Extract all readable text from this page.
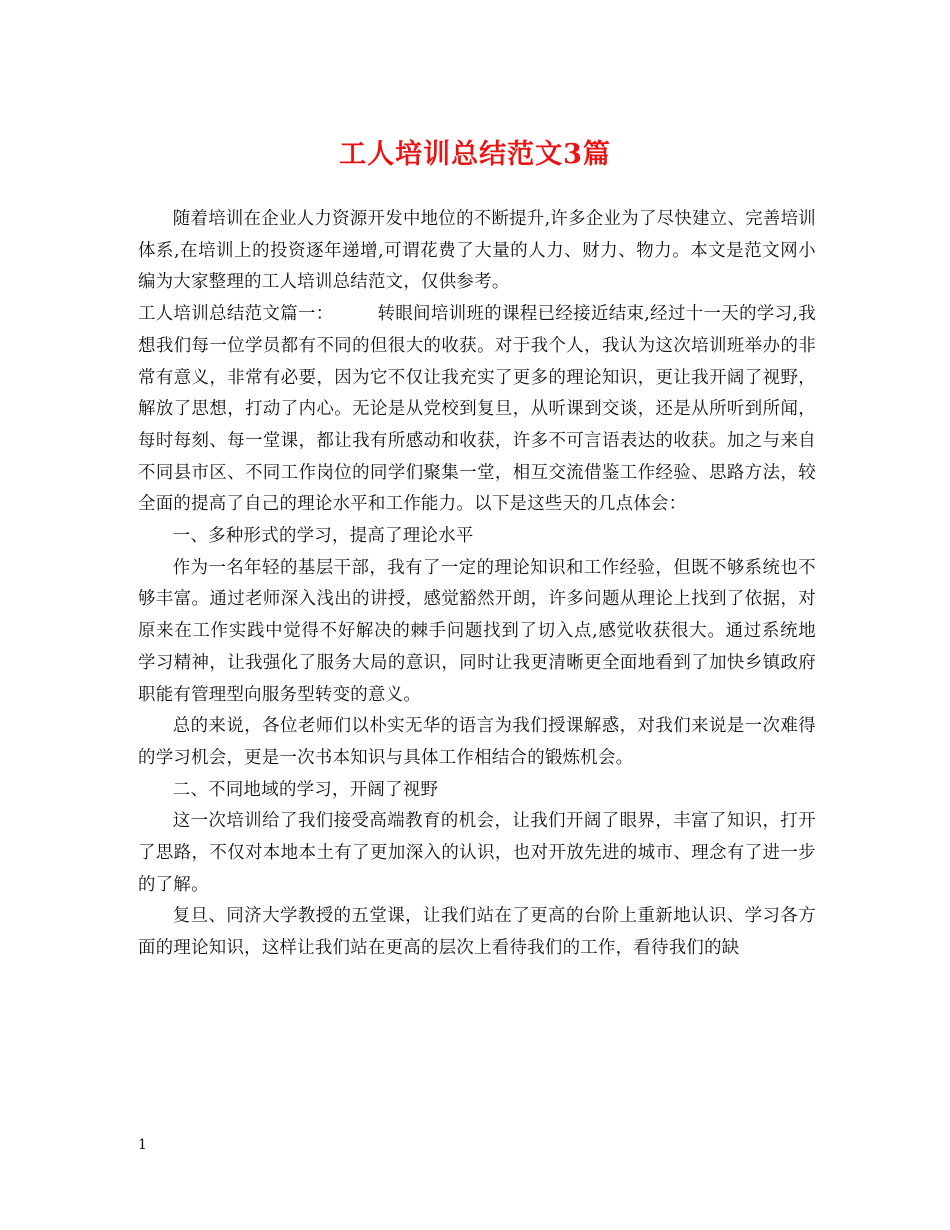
工人培训总结范文3篇

随着培训在企业人力资源开发中地位的不断提升,许多企业为了尽快建立、完善培训体系,在培训上的投资逐年递增,可谓花费了大量的人力、财力、物力。本文是范文网小编为大家整理的工人培训总结范文，仅供参考。

工人培训总结范文篇一：	转眼间培训班的课程已经接近结束,经过十一天的学习,我想我们每一位学员都有不同的但很大的收获。对于我个人，我认为这次培训班举办的非常有意义，非常有必要，因为它不仅让我充实了更多的理论知识，更让我开阔了视野，解放了思想，打动了内心。无论是从党校到复旦，从听课到交谈，还是从所听到所闻，每时每刻、每一堂课，都让我有所感动和收获，许多不可言语表达的收获。加之与来自不同县市区、不同工作岗位的同学们聚集一堂，相互交流借鉴工作经验、思路方法，较全面的提高了自己的理论水平和工作能力。以下是这些天的几点体会：

一、多种形式的学习，提高了理论水平

作为一名年轻的基层干部，我有了一定的理论知识和工作经验，但既不够系统也不够丰富。通过老师深入浅出的讲授，感觉豁然开朗，许多问题从理论上找到了依据，对原来在工作实践中觉得不好解决的棘手问题找到了切入点,感觉收获很大。通过系统地学习精神，让我强化了服务大局的意识，同时让我更清晰更全面地看到了加快乡镇政府职能有管理型向服务型转变的意义。

总的来说，各位老师们以朴实无华的语言为我们授课解惑，对我们来说是一次难得的学习机会，更是一次书本知识与具体工作相结合的锻炼机会。

二、不同地域的学习，开阔了视野

这一次培训给了我们接受高端教育的机会，让我们开阔了眼界，丰富了知识，打开了思路，不仅对本地本土有了更加深入的认识，也对开放先进的城市、理念有了进一步的了解。

复旦、同济大学教授的五堂课，让我们站在了更高的台阶上重新地认识、学习各方面的理论知识，这样让我们站在更高的层次上看待我们的工作，看待我们的缺

1
